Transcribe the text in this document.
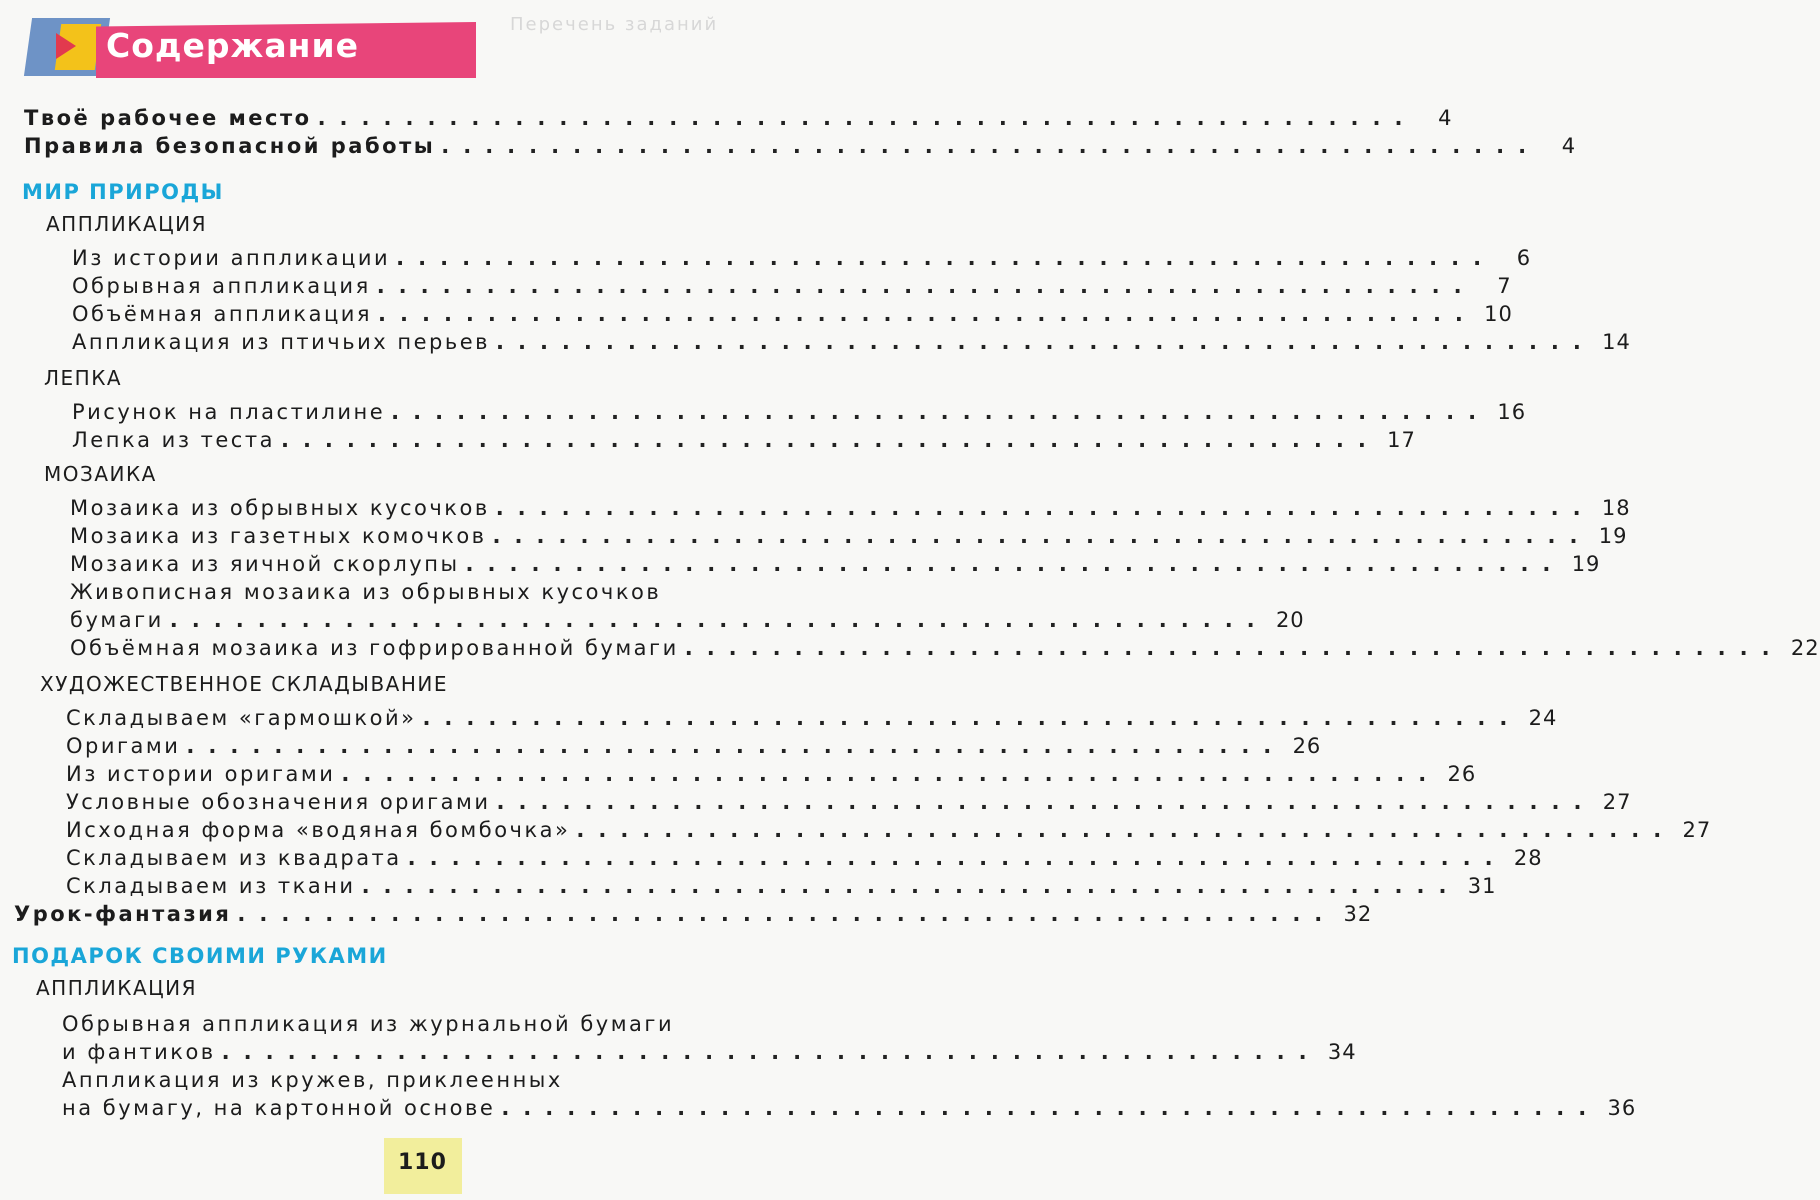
Содержание
Перечень заданий
Твоё рабочее место ..................................................	4
Правила безопасной работы ..................................................	4
МИР ПРИРОДЫ
АППЛИКАЦИЯ
Из истории аппликации ..................................................	6
Обрывная аппликация ..................................................	7
Объёмная аппликация .................................................. 10
Аппликация из птичьих перьев .................................................. 14
ЛЕПКА
Рисунок на пластилине .................................................. 16
Лепка из теста .................................................. 17
МОЗАИКА
Мозаика из обрывных кусочков .................................................. 18
Мозаика из газетных комочков .................................................. 19
Мозаика из яичной скорлупы .................................................. 19
Живописная мозаика из обрывных кусочков
бумаги .................................................. 20
Объёмная мозаика из гофрированной бумаги .................................................. 22
ХУДОЖЕСТВЕННОЕ СКЛАДЫВАНИЕ
Складываем «гармошкой» .................................................. 24
Оригами .................................................. 26
Из истории оригами .................................................. 26
Условные обозначения оригами .................................................. 27
Исходная форма «водяная бомбочка» .................................................. 27
Складываем из квадрата .................................................. 28
Складываем из ткани .................................................. 31
Урок-фантазия .................................................. 32
ПОДАРОК СВОИМИ РУКАМИ
АППЛИКАЦИЯ
Обрывная аппликация из журнальной бумаги
и фантиков .................................................. 34
Аппликация из кружев, приклеенных
на бумагу, на картонной основе .................................................. 36
110
